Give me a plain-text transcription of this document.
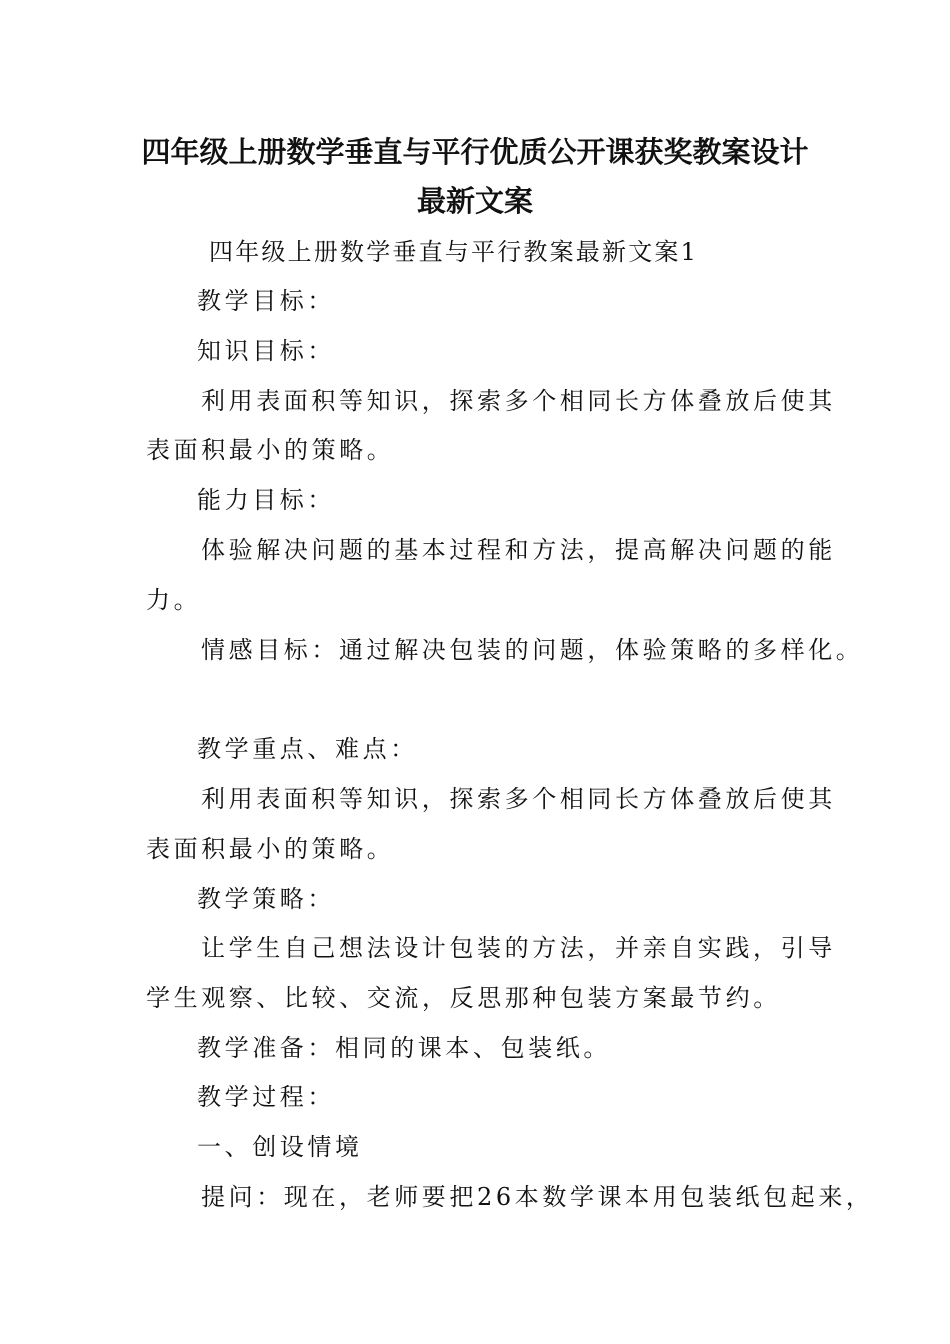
四年级上册数学垂直与平行优质公开课获奖教案设计
最新文案
四年级上册数学垂直与平行教案最新文案1
教学目标：
知识目标：
利用表面积等知识，探索多个相同长方体叠放后使其
表面积最小的策略。
能力目标：
体验解决问题的基本过程和方法，提高解决问题的能
力。
情感目标：通过解决包装的问题，体验策略的多样化。
教学重点、难点：
利用表面积等知识，探索多个相同长方体叠放后使其
表面积最小的策略。
教学策略：
让学生自己想法设计包装的方法，并亲自实践，引导
学生观察、比较、交流，反思那种包装方案最节约。
教学准备：相同的课本、包装纸。
教学过程：
一、创设情境
提问：现在，老师要把26本数学课本用包装纸包起来，
